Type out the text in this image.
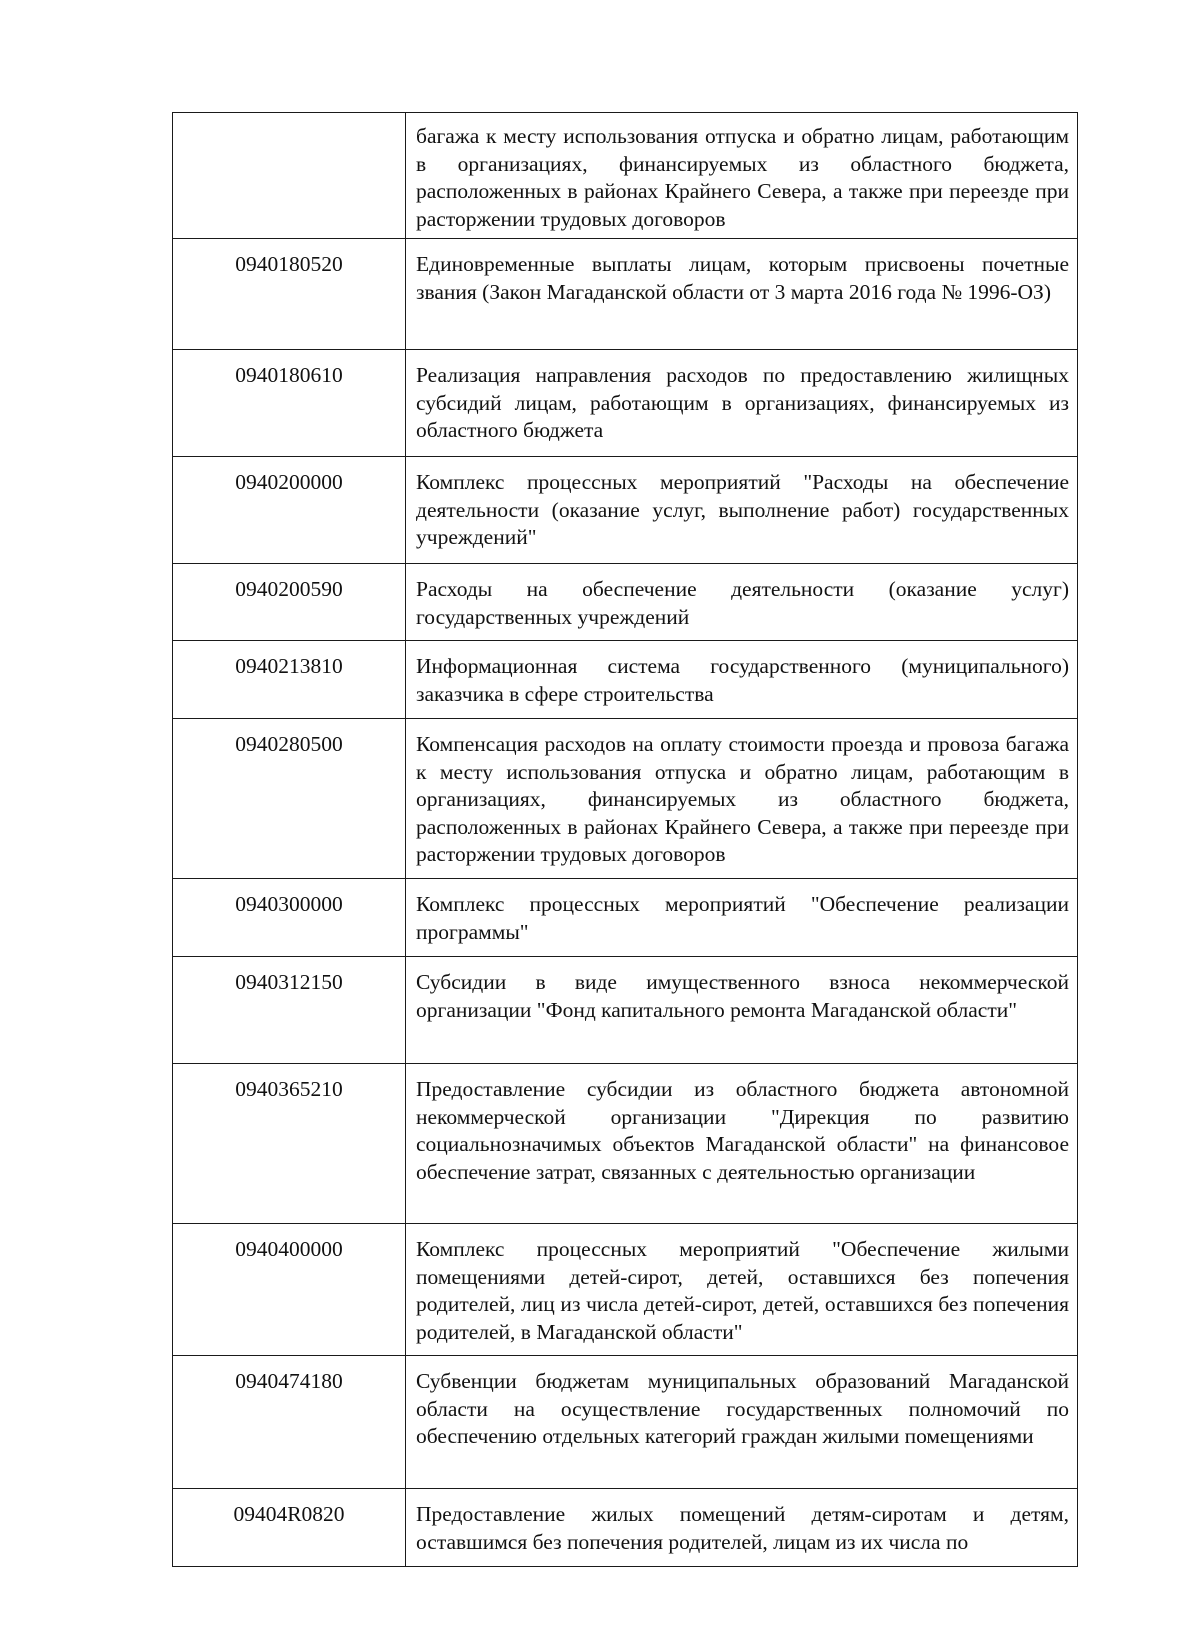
	багажа к месту использования отпуска и обратно лицам, работающим в организациях, финансируемых из областного бюджета, расположенных в районах Крайнего Севера, а также при переезде при расторжении трудовых договоров
0940180520	Единовременные выплаты лицам, которым присвоены почетные звания (Закон Магаданской области от 3 марта 2016 года № 1996-ОЗ)
0940180610	Реализация направления расходов по предоставлению жилищных субсидий лицам, работающим в организациях, финансируемых из областного бюджета
0940200000	Комплекс процессных мероприятий "Расходы на обеспечение деятельности (оказание услуг, выполнение работ) государственных учреждений"
0940200590	Расходы на обеспечение деятельности (оказание услуг) государственных учреждений
0940213810	Информационная система государственного (муниципального) заказчика в сфере строительства
0940280500	Компенсация расходов на оплату стоимости проезда и провоза багажа к месту использования отпуска и обратно лицам, работающим в организациях, финансируемых из областного бюджета, расположенных в районах Крайнего Севера, а также при переезде при расторжении трудовых договоров
0940300000	Комплекс процессных мероприятий "Обеспечение реализации программы"
0940312150	Субсидии в виде имущественного взноса некоммерческой организации "Фонд капитального ремонта Магаданской области"
0940365210	Предоставление субсидии из областного бюджета автономной некоммерческой организации "Дирекция по развитию социальнозначимых объектов Магаданской области" на финансовое обеспечение затрат, связанных с деятельностью организации
0940400000	Комплекс процессных мероприятий "Обеспечение жилыми помещениями детей-сирот, детей, оставшихся без попечения родителей, лиц из числа детей-сирот, детей, оставшихся без попечения родителей, в Магаданской области"
0940474180	Субвенции бюджетам муниципальных образований Магаданской области на осуществление государственных полномочий по обеспечению отдельных категорий граждан жилыми помещениями
09404R0820	Предоставление жилых помещений детям-сиротам и детям, оставшимся без попечения родителей, лицам из их числа по
